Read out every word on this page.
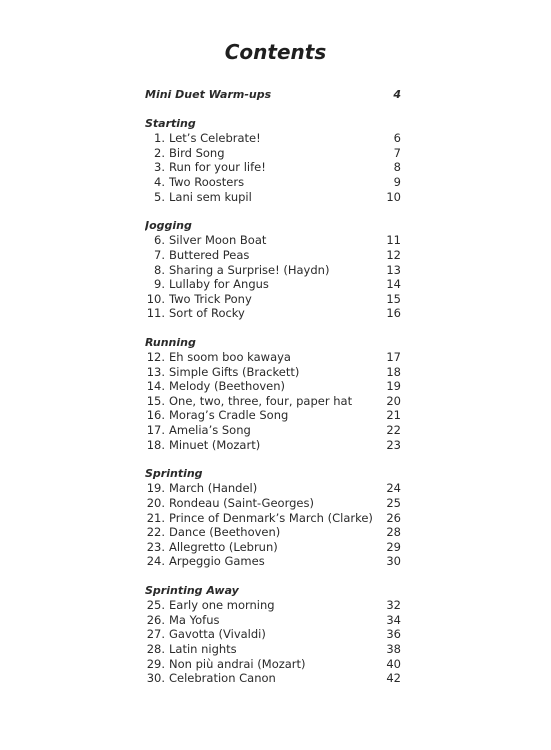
Contents
Mini Duet Warm-ups	4
Starting
1. Let’s Celebrate!	6
2. Bird Song	7
3. Run for your life!	8
4. Two Roosters	9
5. Lani sem kupil	10
Jogging
6. Silver Moon Boat	11
7. Buttered Peas	12
8. Sharing a Surprise! (Haydn)	13
9. Lullaby for Angus	14
10. Two Trick Pony	15
11. Sort of Rocky	16
Running
12. Eh soom boo kawaya	17
13. Simple Gifts (Brackett)	18
14. Melody (Beethoven)	19
15. One, two, three, four, paper hat	20
16. Morag’s Cradle Song	21
17. Amelia’s Song	22
18. Minuet (Mozart)	23
Sprinting
19. March (Handel)	24
20. Rondeau (Saint-Georges)	25
21. Prince of Denmark’s March (Clarke)	26
22. Dance (Beethoven)	28
23. Allegretto (Lebrun)	29
24. Arpeggio Games	30
Sprinting Away
25. Early one morning	32
26. Ma Yofus	34
27. Gavotta (Vivaldi)	36
28. Latin nights	38
29. Non più andrai (Mozart)	40
30. Celebration Canon	42
